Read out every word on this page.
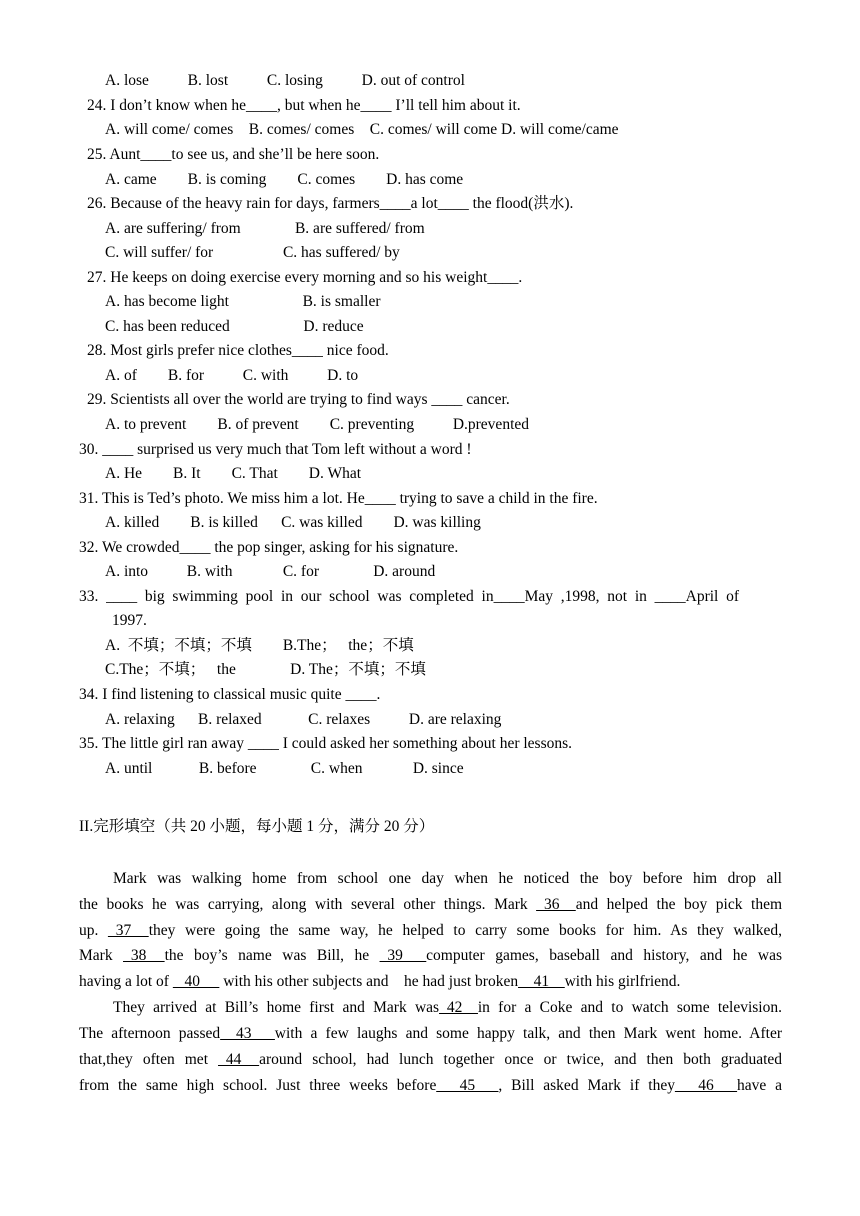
A. lose          B. lost          C. losing          D. out of control
24. I don’t know when he____, but when he____ I’ll tell him about it.
A. will come/ comes    B. comes/ comes    C. comes/ will come D. will come/came
25. Aunt____to see us, and she’ll be here soon.
A. came        B. is coming        C. comes        D. has come
26. Because of the heavy rain for days, farmers____a lot____ the flood(洪水).
A. are suffering/ from              B. are suffered/ from
C. will suffer/ for                  C. has suffered/ by
27. He keeps on doing exercise every morning and so his weight____.
A. has become light                   B. is smaller
C. has been reduced                   D. reduce
28. Most girls prefer nice clothes____ nice food.
A. of        B. for          C. with          D. to
29. Scientists all over the world are trying to find ways ____ cancer.
A. to prevent        B. of prevent        C. preventing          D.prevented
30. ____ surprised us very much that Tom left without a word !
A. He        B. It        C. That        D. What
31. This is Ted’s photo. We miss him a lot. He____ trying to save a child in the fire.
A. killed        B. is killed      C. was killed        D. was killing
32. We crowded____ the pop singer, asking for his signature.
A. into          B. with             C. for              D. around
33.  ____  big  swimming  pool  in  our  school  was  completed  in____May  ,1998,  not  in  ____April  of
1997.
A.  不填；不填；不填        B.The；   the；不填
C.The；不填；   the              D. The；不填；不填
34. I find listening to classical music quite ____.
A. relaxing      B. relaxed            C. relaxes          D. are relaxing
35. The little girl ran away ____ I could asked her something about her lessons.
A. until            B. before              C. when             D. since
II.完形填空（共 20 小题，每小题 1 分，满分 20 分）
Mark was walking home from school one day when he noticed the boy before him drop all
the books he was carrying, along with several other things. Mark _36_ and helped the boy pick them
up. _37_ they were going the same way, he helped to carry some books for him. As they walked,
Mark _38_ the boy’s name was Bill, he _39___computer games, baseball and history, and he was
having a lot of  _40__  with his other subjects and    he had just broken__41__with his girlfriend.
They arrived at Bill’s home first and Mark was_42__in for a Coke and to watch some television.
The afternoon passed _43___with a few laughs and some happy talk, and then Mark went home. After
that,they often met _44_ around school, had lunch together once or twice, and then both graduated
from the same high school. Just three weeks before___45___, Bill asked Mark if they___46___have a
